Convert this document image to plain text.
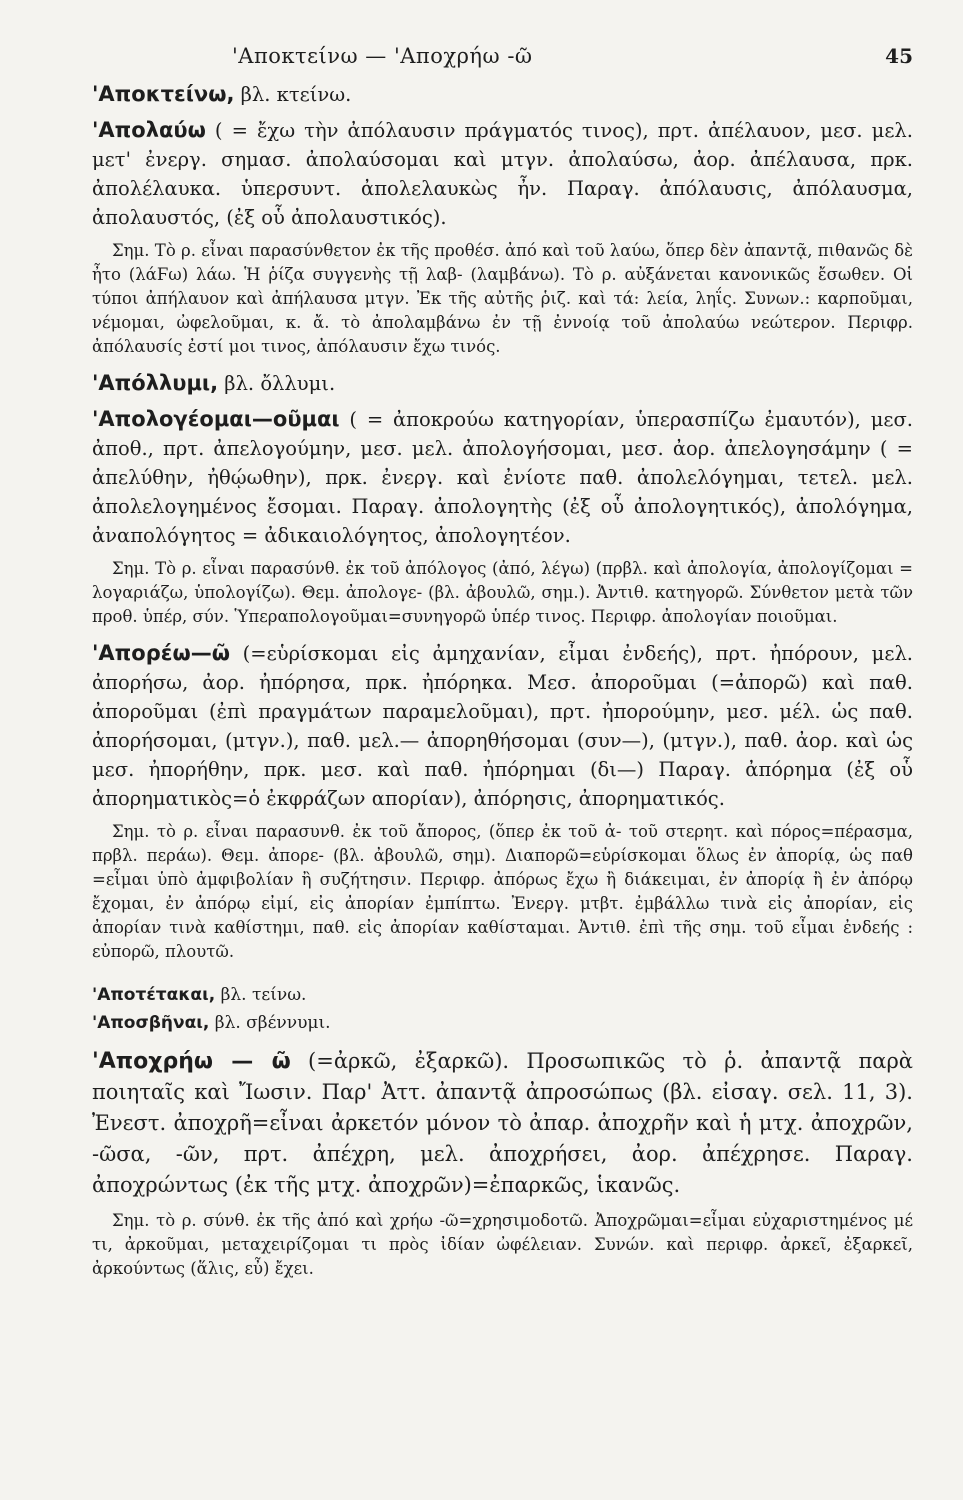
'Αποκτείνω — 'Αποχρήω -ῶ	45

'Αποκτείνω, βλ. κτείνω.

'Απολαύω ( = ἔχω τὴν ἀπόλαυσιν πράγματός τινος), πρτ. ἀπέλαυον, μεσ. μελ. μετ' ἐνεργ. σημασ. ἀπολαύσομαι καὶ μτγν. ἀπολαύσω, ἀορ. ἀπέλαυσα, πρκ. ἀπολέλαυκα. ὑπερσυντ. ἀπολελαυκὼς ἦν. Παραγ. ἀπόλαυσις, ἀπόλαυσμα, ἀπολαυστός, (ἐξ οὗ ἀπολαυστικός).

Σημ. Τὸ ρ. εἶναι παρασύνθετον ἐκ τῆς προθέσ. ἀπό καὶ τοῦ λαύω, ὅπερ δὲν ἀπαντᾷ, πιθανῶς δὲ ἦτο (λάϜω) λάω. Ἡ ῥίζα συγγενὴς τῇ λαβ- (λαμβάνω). Τὸ ρ. αὐξάνεται κανονικῶς ἔσωθεν. Οἱ τύποι ἀπήλαυον καὶ ἀπήλαυσα μτγν. Ἐκ τῆς αὐτῆς ῥιζ. καὶ τά: λεία, ληΐς. Συνων.: καρποῦμαι, νέμομαι, ὠφελοῦμαι, κ. ἄ. τὸ ἀπολαμβάνω ἐν τῇ ἐννοίᾳ τοῦ ἀπολαύω νεώτερον. Περιφρ. ἀπόλαυσίς ἐστί μοι τινος, ἀπόλαυσιν ἔχω τινός.

'Απόλλυμι, βλ. ὄλλυμι.

'Απολογέομαι—οῦμαι ( = ἀποκρούω κατηγορίαν, ὑπερασπίζω ἐμαυτόν), μεσ. ἀποθ., πρτ. ἀπελογούμην, μεσ. μελ. ἀπολογήσομαι, μεσ. ἀορ. ἀπελογησάμην ( = ἀπελύθην, ἠθῴωθην), πρκ. ἐνεργ. καὶ ἐνίοτε παθ. ἀπολελόγημαι, τετελ. μελ. ἀπολελογημένος ἔσομαι. Παραγ. ἀπολογητὴς (ἐξ οὗ ἀπολογητικός), ἀπολόγημα, ἀναπολόγητος = ἀδικαιολόγητος, ἀπολογητέον.

Σημ. Τὸ ρ. εἶναι παρασύνθ. ἐκ τοῦ ἀπόλογος (ἀπό, λέγω) (πρβλ. καὶ ἀπολογία, ἀπολογίζομαι = λογαριάζω, ὑπολογίζω). Θεμ. ἀπολογε- (βλ. ἀβουλῶ, σημ.). Ἀντιθ. κατηγορῶ. Σύνθετον μετὰ τῶν προθ. ὑπέρ, σύν. Ὑπεραπολογοῦμαι=συνηγορῶ ὑπέρ τινος. Περιφρ. ἀπολογίαν ποιοῦμαι.

'Απορέω—ῶ (=εὑρίσκομαι εἰς ἀμηχανίαν, εἶμαι ἐνδεής), πρτ. ἠπόρουν, μελ. ἀπορήσω, ἀορ. ἠπόρησα, πρκ. ἠπόρηκα. Μεσ. ἀποροῦμαι (=ἀπορῶ) καὶ παθ. ἀποροῦμαι (ἐπὶ πραγμάτων παραμελοῦμαι), πρτ. ἠπορούμην, μεσ. μέλ. ὡς παθ. ἀπορήσομαι, (μτγν.), παθ. μελ.— ἀπορηθήσομαι (συν—), (μτγν.), παθ. ἀορ. καὶ ὡς μεσ. ἠπορήθην, πρκ. μεσ. καὶ παθ. ἠπόρημαι (δι—) Παραγ. ἀπόρημα (ἐξ οὗ ἀπορηματικὸς=ὁ ἐκφράζων απορίαν), ἀπόρησις, ἀπορηματικός.

Σημ. τὸ ρ. εἶναι παρασυνθ. ἐκ τοῦ ἄπορος, (ὅπερ ἐκ τοῦ ἀ- τοῦ στερητ. καὶ πόρος=πέρασμα, πρβλ. περάω). Θεμ. ἀπορε- (βλ. ἀβουλῶ, σημ). Διαπορῶ=εὑρίσκομαι ὅλως ἐν ἀπορίᾳ, ὡς παθ =εἶμαι ὑπὸ ἀμφιβολίαν ἢ συζήτησιν. Περιφρ. ἀπόρως ἔχω ἢ διάκειμαι, ἐν ἀπορίᾳ ἢ ἐν ἀπόρῳ ἔχομαι, ἐν ἀπόρῳ εἰμί, εἰς ἀπορίαν ἐμπίπτω. Ἐνεργ. μτβτ. ἐμβάλλω τινὰ εἰς ἀπορίαν, εἰς ἀπορίαν τινὰ καθίστημι, παθ. εἰς ἀπορίαν καθίσταμαι. Ἀντιθ. ἐπὶ τῆς σημ. τοῦ εἶμαι ἐνδεής : εὐπορῶ, πλουτῶ.

'Αποτέτακαι, βλ. τείνω.

'Αποσβῆναι, βλ. σβέννυμι.

'Αποχρήω — ῶ (=ἀρκῶ, ἐξαρκῶ). Προσωπικῶς τὸ ῥ. ἀπαντᾷ παρὰ ποιηταῖς καὶ Ἴωσιν. Παρ' Ἀττ. ἀπαντᾷ ἀπροσώπως (βλ. εἰσαγ. σελ. 11, 3). Ἐνεστ. ἀποχρῆ=εἶναι ἀρκετόν μόνον τὸ ἀπαρ. ἀποχρῆν καὶ ἡ μτχ. ἀποχρῶν, -ῶσα, -ῶν, πρτ. ἀπέχρη, μελ. ἀποχρήσει, ἀορ. ἀπέχρησε. Παραγ. ἀποχρώντως (ἐκ τῆς μτχ. ἀποχρῶν)=ἐπαρκῶς, ἱκανῶς.

Σημ. τὸ ρ. σύνθ. ἐκ τῆς ἀπό καὶ χρήω -ῶ=χρησιμοδοτῶ. Ἀποχρῶμαι=εἶμαι εὐχαριστημένος μέ τι, ἀρκοῦμαι, μεταχειρίζομαι τι πρὸς ἰδίαν ὠφέλειαν. Συνών. καὶ περιφρ. ἀρκεῖ, ἐξαρκεῖ, ἀρκούντως (ἅλις, εὖ) ἔχει.
